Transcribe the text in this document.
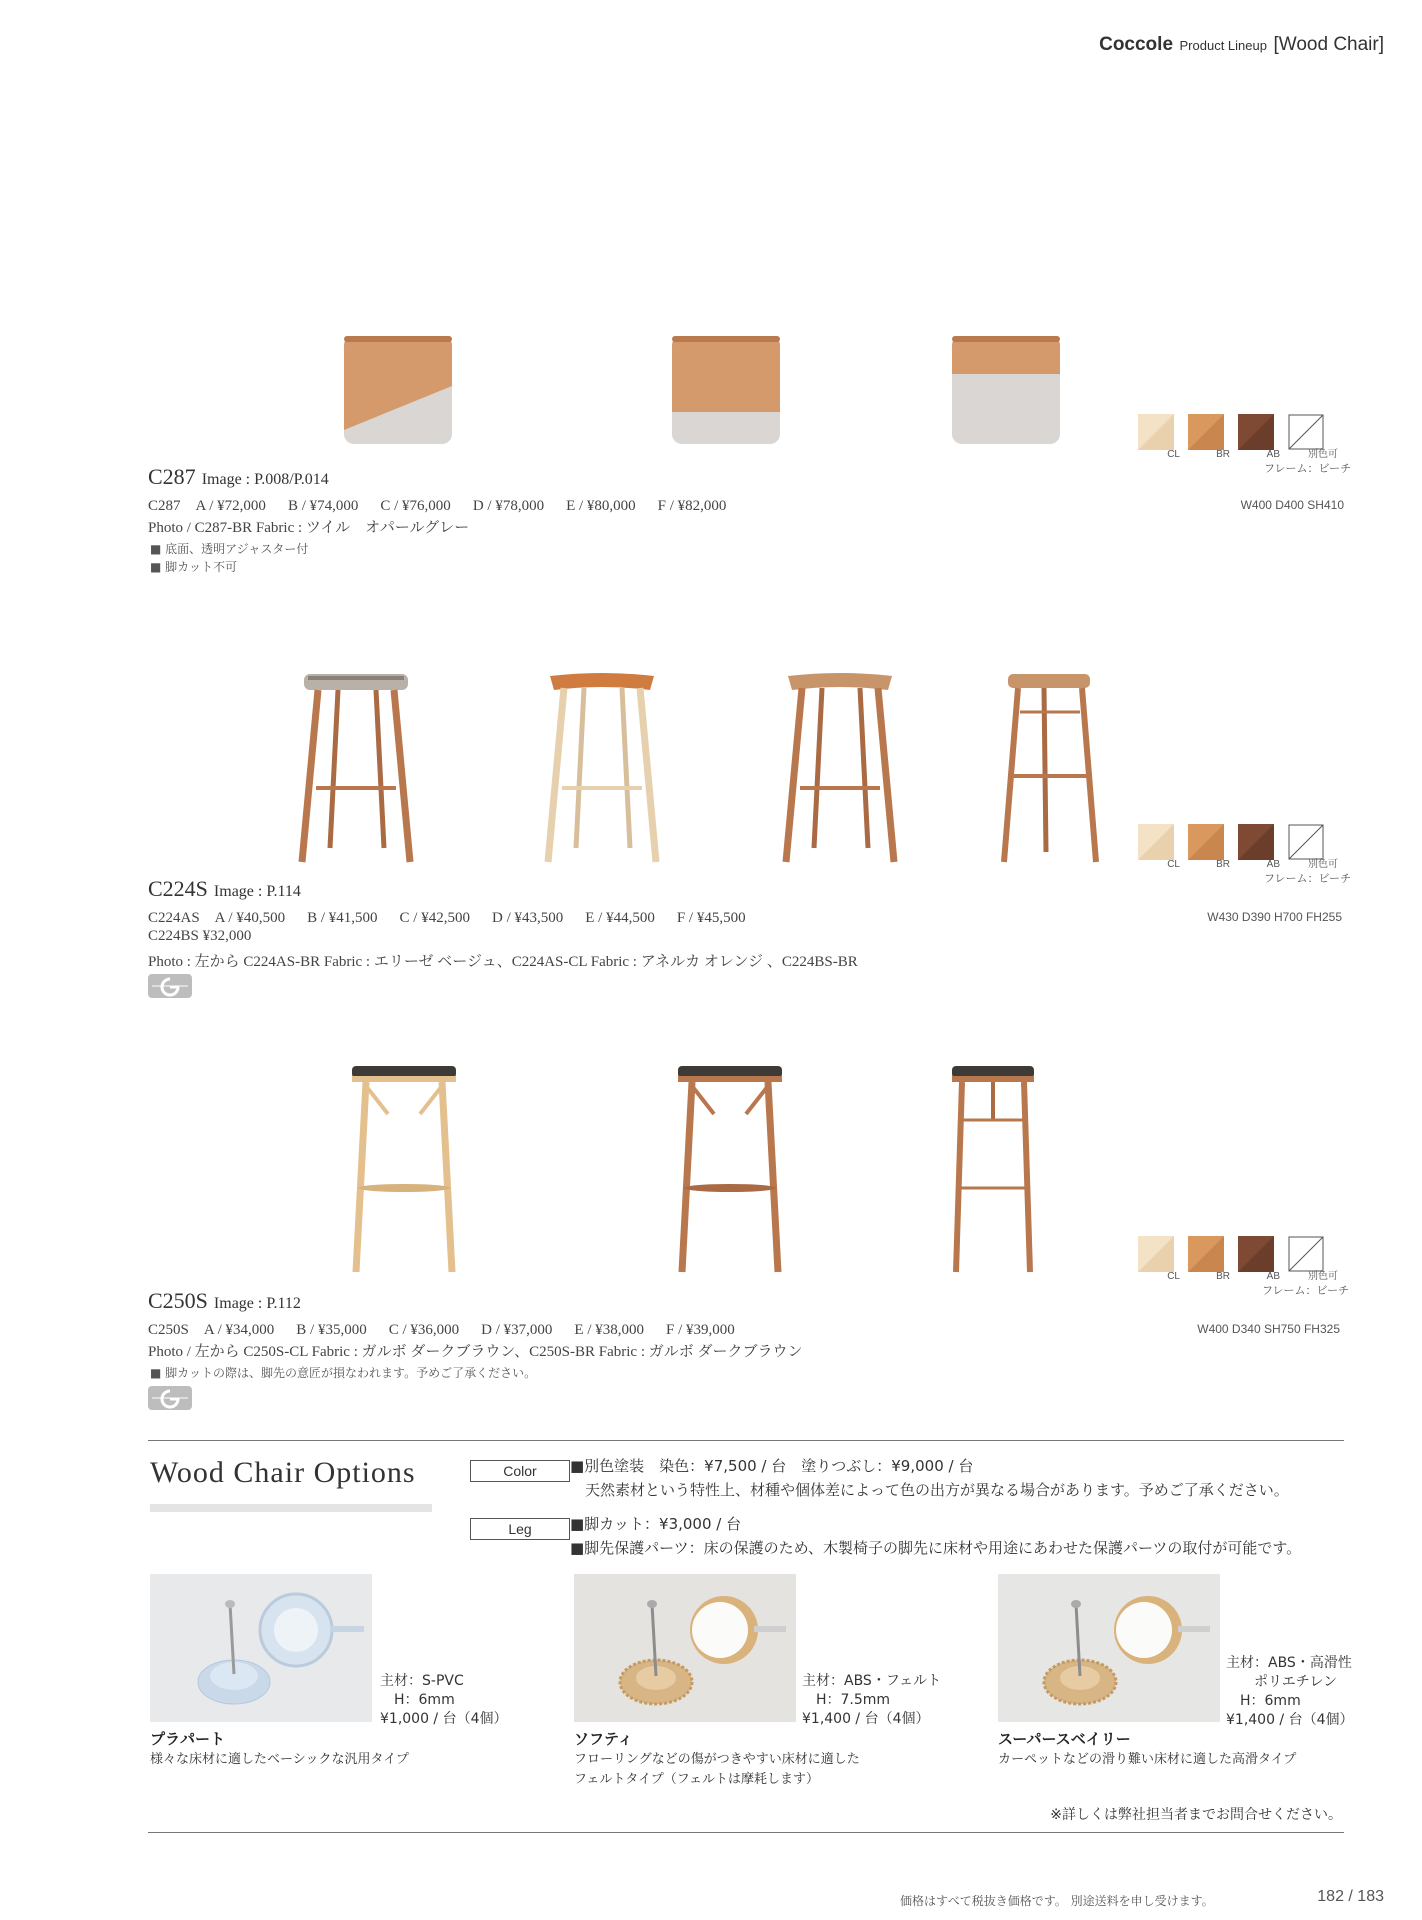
Coccole Product Lineup [Wood Chair]
CL	BR	AB	別色可
フレーム：ビーチ
C287 Image : P.008/P.014
C287　A / ¥72,000 B / ¥74,000 C / ¥76,000 D / ¥78,000 E / ¥80,000 F / ¥82,000
Photo / C287-BR Fabric : ツイル　オパールグレー
■ 底面、透明アジャスター付
■ 脚カット不可
W400 D400 SH410
CL	BR	AB	別色可
フレーム：ビーチ
C224S Image : P.114
C224AS　A / ¥40,500 B / ¥41,500 C / ¥42,500 D / ¥43,500 E / ¥44,500 F / ¥45,500
C224BS ¥32,000
Photo : 左から C224AS-BR Fabric : エリーゼ ベージュ、C224AS-CL Fabric : アネルカ オレンジ 、C224BS-BR
W430 D390 H700 FH255
CL	BR	AB	別色可
フレーム：ビーチ
C250S Image : P.112
C250S　A / ¥34,000 B / ¥35,000 C / ¥36,000 D / ¥37,000 E / ¥38,000 F / ¥39,000
Photo / 左から C250S-CL Fabric : ガルボ ダークブラウン、C250S-BR Fabric : ガルボ ダークブラウン
■ 脚カットの際は、脚先の意匠が損なわれます。予めご了承ください。
W400 D340 SH750 FH325
Wood Chair Options	Color	■別色塗装　染色：¥7,500 / 台　塗りつぶし：¥9,000 / 台
　天然素材という特性上、材種や個体差によって色の出方が異なる場合があります。予めご了承ください。
Leg	■脚カット：¥3,000 / 台
■脚先保護パーツ：床の保護のため、木製椅子の脚先に床材や用途にあわせた保護パーツの取付が可能です。
主材：S-PVC
　H：6mm
¥1,000 / 台（4個）
プラパート
様々な床材に適したベーシックな汎用タイプ
主材：ABS・フェルト
　H：7.5mm
¥1,400 / 台（4個）
ソフティ
フローリングなどの傷がつきやすい床材に適した
フェルトタイプ（フェルトは摩耗します）
主材：ABS・高滑性
　　ポリエチレン
　H：6mm
¥1,400 / 台（4個）
スーパースベイリー
カーペットなどの滑り難い床材に適した高滑タイプ
※詳しくは弊社担当者までお問合せください。
価格はすべて税抜き価格です。 別途送料を申し受けます。	182 / 183
